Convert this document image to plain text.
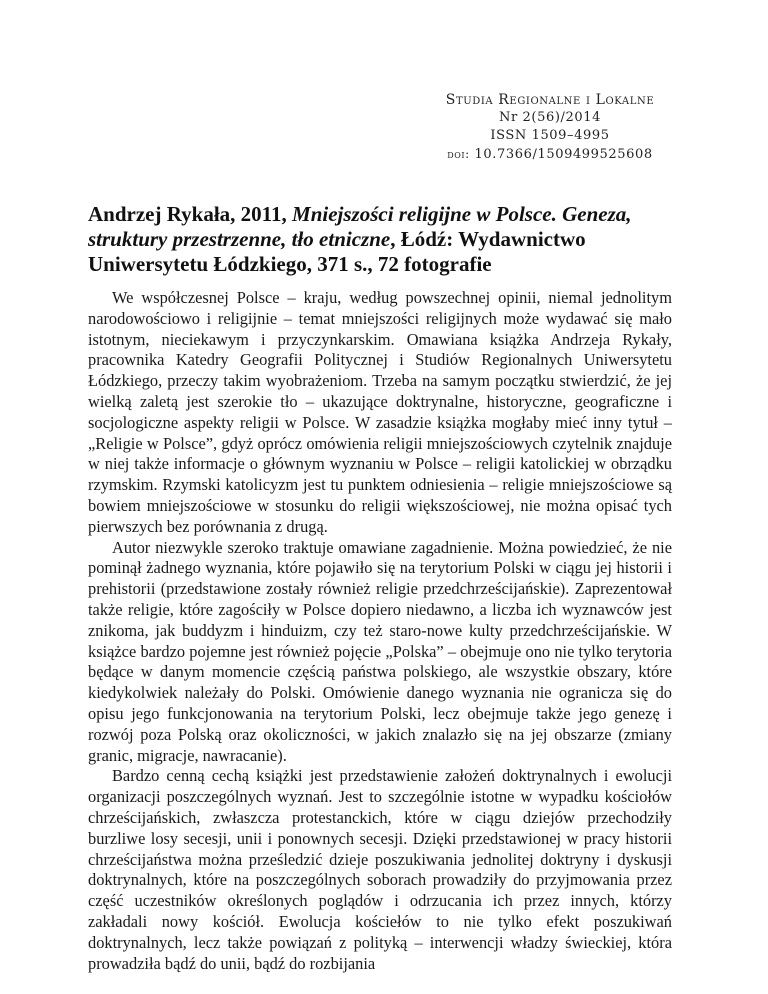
Studia Regionalne i Lokalne
Nr 2(56)/2014
ISSN 1509–4995
doi: 10.7366/1509499525608
Andrzej Rykała, 2011, Mniejszości religijne w Polsce. Geneza, struktury przestrzenne, tło etniczne, Łódź: Wydawnictwo Uniwersytetu Łódzkiego, 371 s., 72 fotografie

We współczesnej Polsce – kraju, według powszechnej opinii, niemal jednolitym narodowościowo i religijnie – temat mniejszości religijnych może wydawać się mało istotnym, nieciekawym i przyczynkarskim. Omawiana książka Andrzeja Rykały, pracownika Katedry Geografii Politycznej i Studiów Regionalnych Uniwersytetu Łódzkiego, przeczy takim wyobrażeniom. Trzeba na samym początku stwierdzić, że jej wielką zaletą jest szerokie tło – ukazujące doktrynalne, historyczne, geograficzne i socjologiczne aspekty religii w Polsce. W zasadzie książka mogłaby mieć inny tytuł – „Religie w Polsce”, gdyż oprócz omówienia religii mniejszościowych czytelnik znajduje w niej także informacje o głównym wyznaniu w Polsce – religii katolickiej w obrządku rzymskim. Rzymski katolicyzm jest tu punktem odniesienia – religie mniejszościowe są bowiem mniejszościowe w stosunku do religii większościowej, nie można opisać tych pierwszych bez porównania z drugą.

Autor niezwykle szeroko traktuje omawiane zagadnienie. Można powiedzieć, że nie pominął żadnego wyznania, które pojawiło się na terytorium Polski w ciągu jej historii i prehistorii (przedstawione zostały również religie przedchrześcijańskie). Zaprezentował także religie, które zagościły w Polsce dopiero niedawno, a liczba ich wyznawców jest znikoma, jak buddyzm i hinduizm, czy też staro-nowe kulty przedchrześcijańskie. W książce bardzo pojemne jest również pojęcie „Polska” – obejmuje ono nie tylko terytoria będące w danym momencie częścią państwa polskiego, ale wszystkie obszary, które kiedykolwiek należały do Polski. Omówienie danego wyznania nie ogranicza się do opisu jego funkcjonowania na terytorium Polski, lecz obejmuje także jego genezę i rozwój poza Polską oraz okoliczności, w jakich znalazło się na jej obszarze (zmiany granic, migracje, nawracanie).

Bardzo cenną cechą książki jest przedstawienie założeń doktrynalnych i ewolucji organizacji poszczególnych wyznań. Jest to szczególnie istotne w wypadku kościołów chrześcijańskich, zwłaszcza protestanckich, które w ciągu dziejów przechodziły burzliwe losy secesji, unii i ponownych secesji. Dzięki przedstawionej w pracy historii chrześcijaństwa można prześledzić dzieje poszukiwania jednolitej doktryny i dyskusji doktrynalnych, które na poszczególnych soborach prowadziły do przyjmowania przez część uczestników określonych poglądów i odrzucania ich przez innych, którzy zakładali nowy kościół. Ewolucja kościełów to nie tylko efekt poszukiwań doktrynalnych, lecz także powiązań z polityką – interwencji władzy świeckiej, która prowadziła bądź do unii, bądź do rozbijania
